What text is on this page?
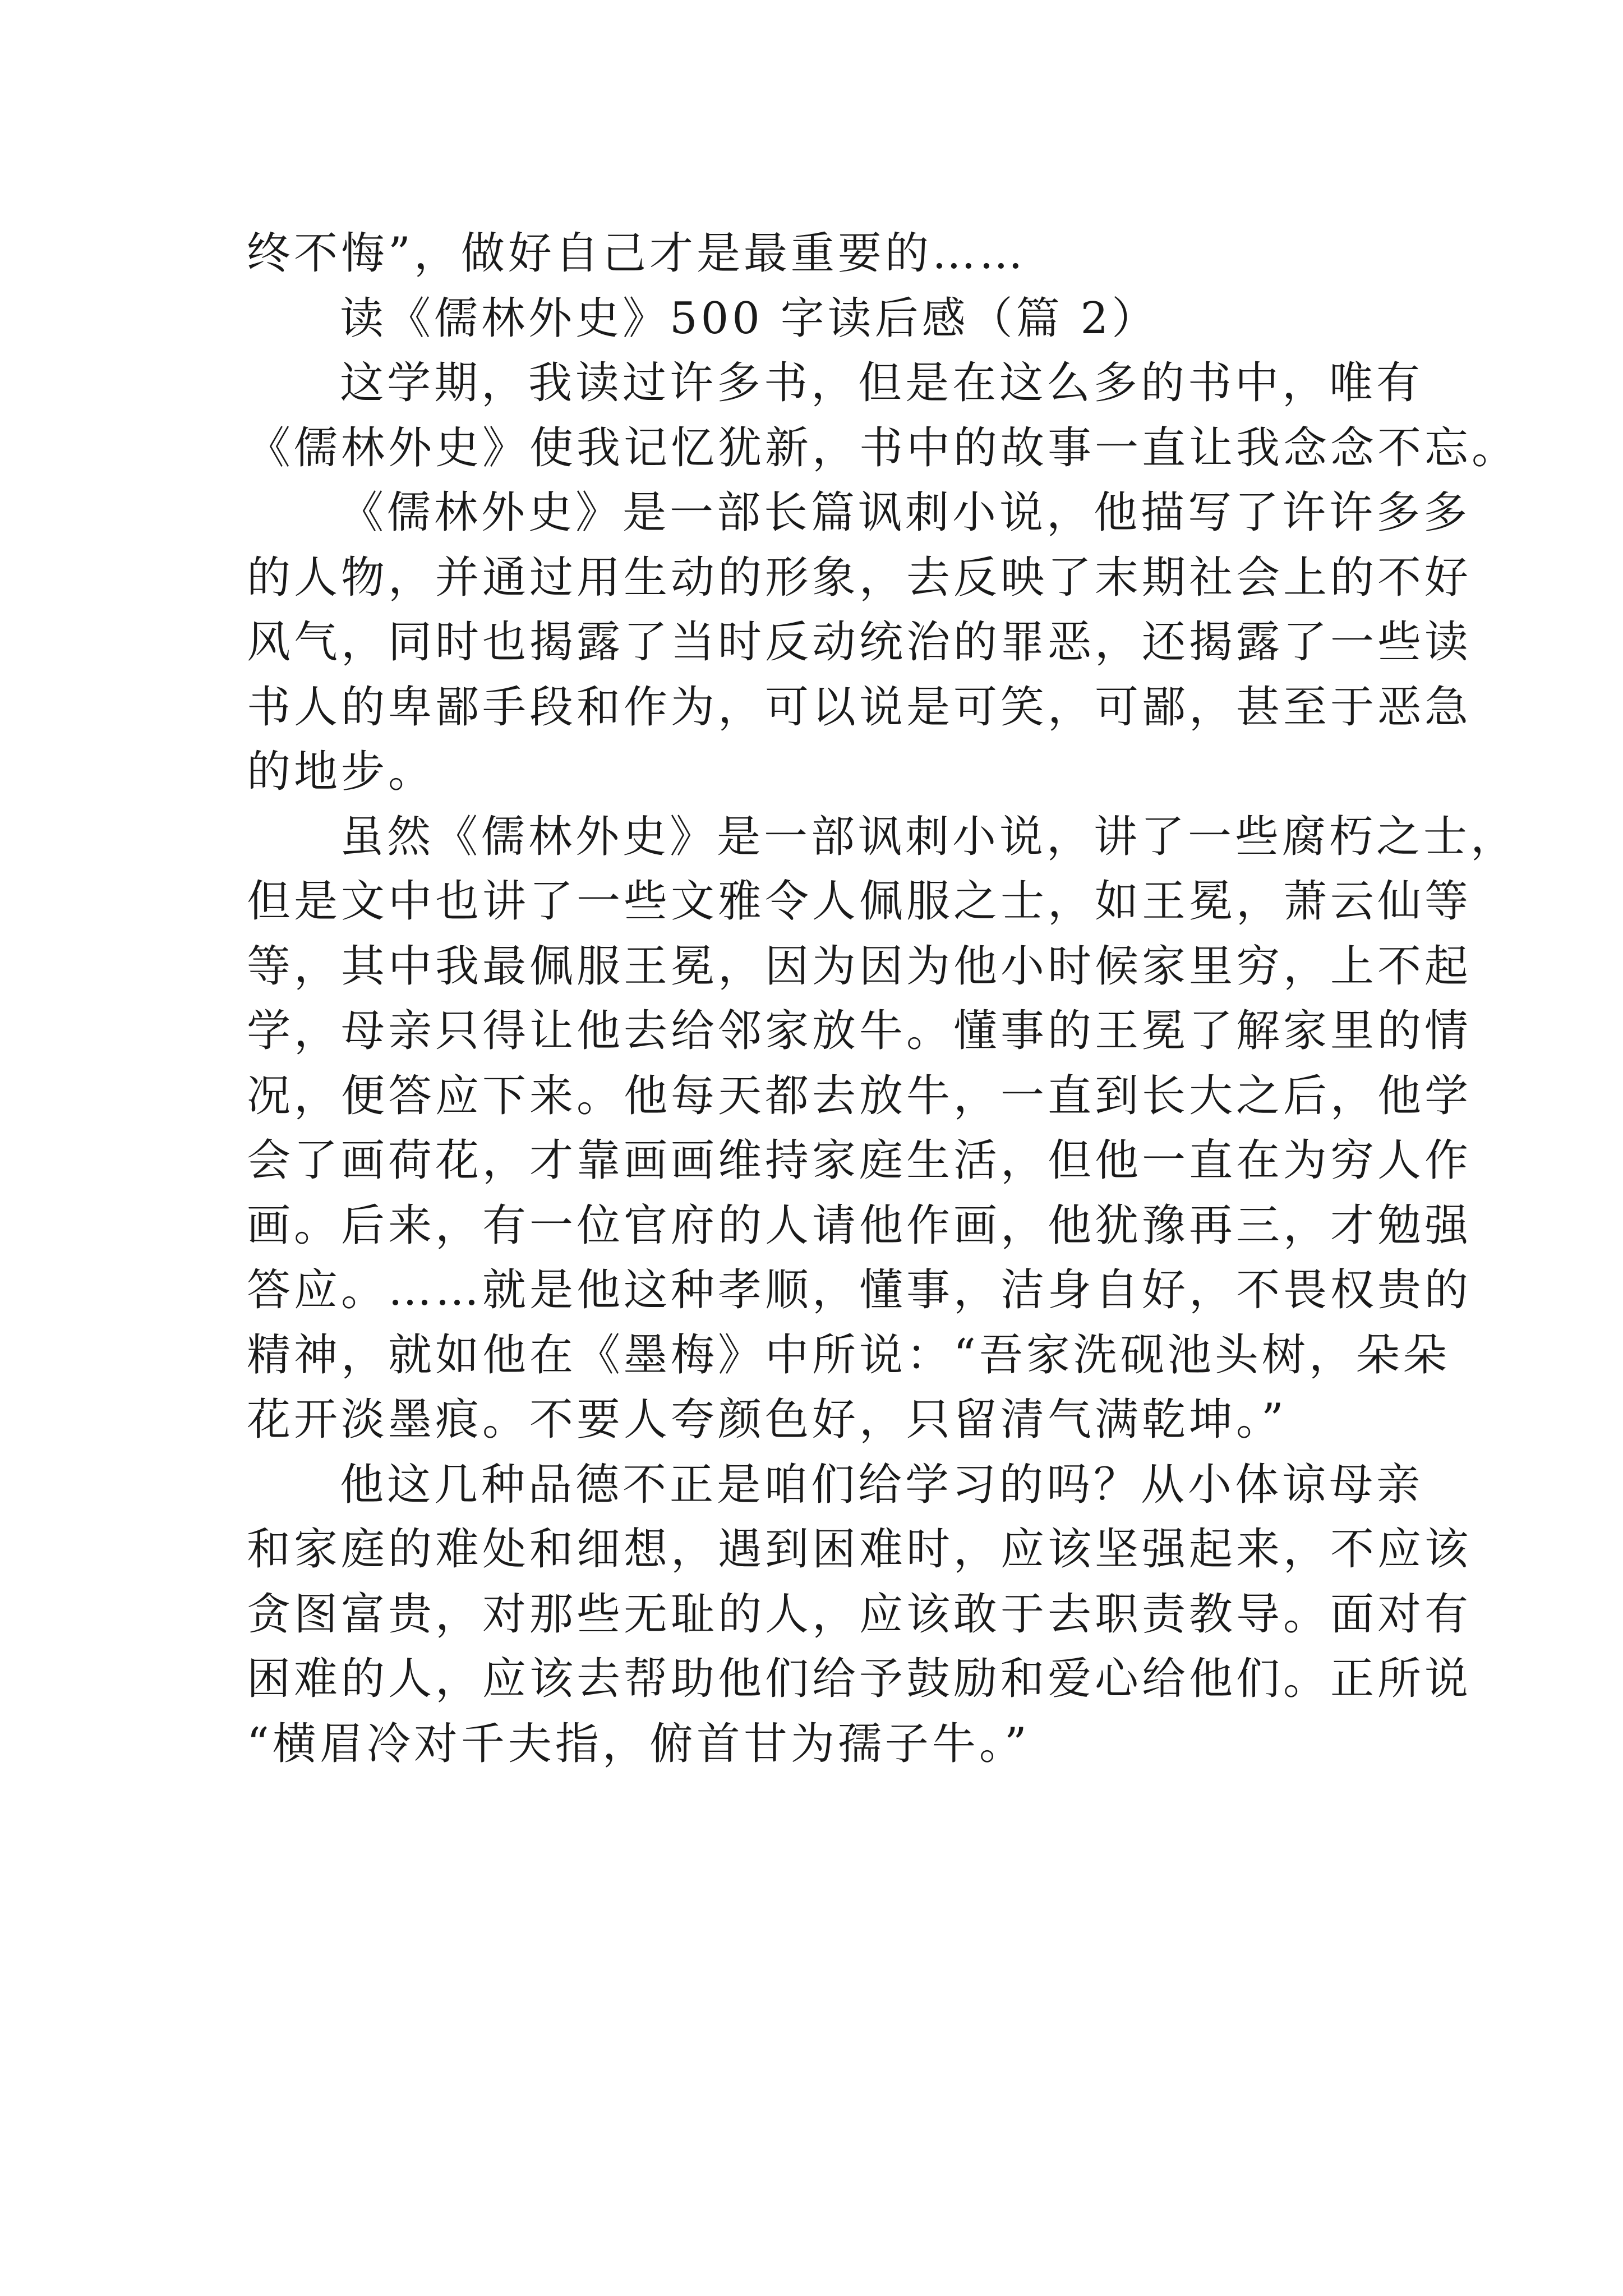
终不悔”，做好自己才是最重要的……
读《儒林外史》500 字读后感（篇 2）
这学期，我读过许多书，但是在这么多的书中，唯有
《儒林外史》使我记忆犹新，书中的故事一直让我念念不忘。
《儒林外史》是一部长篇讽刺小说，他描写了许许多多
的人物，并通过用生动的形象，去反映了末期社会上的不好
风气，同时也揭露了当时反动统治的罪恶，还揭露了一些读
书人的卑鄙手段和作为，可以说是可笑，可鄙，甚至于恶急
的地步。
虽然《儒林外史》是一部讽刺小说，讲了一些腐朽之士，
但是文中也讲了一些文雅令人佩服之士，如王冕，萧云仙等
等，其中我最佩服王冕，因为因为他小时候家里穷，上不起
学，母亲只得让他去给邻家放牛。懂事的王冕了解家里的情
况，便答应下来。他每天都去放牛，一直到长大之后，他学
会了画荷花，才靠画画维持家庭生活，但他一直在为穷人作
画。后来，有一位官府的人请他作画，他犹豫再三，才勉强
答应。……就是他这种孝顺，懂事，洁身自好，不畏权贵的
精神，就如他在《墨梅》中所说：“吾家洗砚池头树，朵朵
花开淡墨痕。不要人夸颜色好，只留清气满乾坤。”
他这几种品德不正是咱们给学习的吗？从小体谅母亲
和家庭的难处和细想，遇到困难时，应该坚强起来，不应该
贪图富贵，对那些无耻的人，应该敢于去职责教导。面对有
困难的人，应该去帮助他们给予鼓励和爱心给他们。正所说
“横眉冷对千夫指，俯首甘为孺子牛。”
